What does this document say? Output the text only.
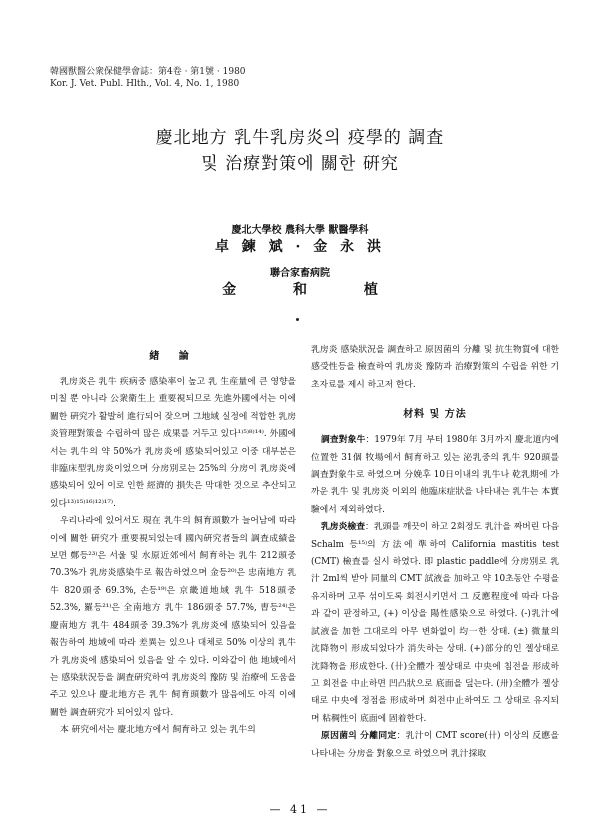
韓國獸醫公衆保健學會誌：第4卷 · 第1號 · 1980
Kor. J. Vet. Publ. Hlth., Vol. 4, No. 1, 1980
慶北地方 乳牛乳房炎의 疫學的 調査
및 治療對策에 關한 硏究
慶北大學校 農科大學 獸醫學科
卓 鍊 斌 · 金 永 洪
聯合家畜病院
金 和 植
緖 論

乳房炎은 乳牛 疾病중 感染率이 높고 乳 生産量에 큰 영향을 미칠 뿐 아니라 公衆衛生上 重要視되므로 先進外國에서는 이에 關한 硏究가 활발히 進行되어 잦으며 그地域 실정에 적합한 乳房炎管理對策을 수립하여 많은 成果를 거두고 있다¹⁾⁵⁾⁸⁾¹⁴⁾. 外國에서는 乳牛의 약 50%가 乳房炎에 感染되어있고 이중 대부분은 非臨床型乳房炎이었으며 分房別로는 25%의 分房이 乳房炎에 感染되어 있어 이로 인한 經濟的 損失은 막대한 것으로 추산되고 있다¹³⁾¹⁵⁾¹⁶⁾¹²⁾¹⁷⁾.

우리나라에 있어서도 現在 乳牛의 飼育頭數가 늘어남에 따라 이에 關한 硏究가 重要視되었는데 國內硏究者들의 調査成績을 보면 鄭등²³⁾은 서울 및 水原近郊에서 飼育하는 乳牛 212頭중 70.3%가 乳房炎感染牛로 報告하였으며 金등²⁰⁾은 忠南地方 乳牛 820頭중 69.3%, 손등¹⁹⁾은 京畿道地域 乳牛 518頭중 52.3%, 羅등²¹⁾은 全南地方 乳牛 186頭중 57.7%, 曺등²⁴⁾은 慶南地方 乳牛 484頭중 39.3%가 乳房炎에 感染되어 있음을 報告하여 地域에 따라 差異는 있으나 대체로 50% 이상의 乳牛가 乳房炎에 感染되어 있음을 알 수 있다. 이와같이 他 地域에서는 感染狀況등을 調査硏究하여 乳房炎의 豫防 및 治療에 도움을 주고 있으나 慶北地方은 乳牛 飼育頭數가 많음에도 아직 이에 關한 調査硏究가 되어있지 않다.

本 硏究에서는 慶北地方에서 飼育하고 있는 乳牛의

乳房炎 感染狀況을 調査하고 原因菌의 分離 및 抗生物質에 대한 感受性등을 檢査하여 乳房炎 豫防과 治療對策의 수립을 위한 기초자료를 제시 하고저 한다.

材料 및 方法

調査對象牛：1979年 7月 부터 1980年 3月까지 慶北道内에 位置한 31個 牧場에서 飼育하고 있는 泌乳중의 乳牛 920頭를 調査對象牛로 하였으며 分娩후 10日이내의 乳牛나 乾乳期에 가까운 乳牛 및 乳房炎 이외의 他臨床症狀을 나타내는 乳牛는 本實驗에서 제외하였다.

乳房炎檢査：乳頭를 깨끗이 하고 2회정도 乳汁을 짜버린 다음 Schalm 등¹⁵⁾의 方法에 準하여 California mastitis test (CMT) 檢査를 실시 하였다. 即 plastic paddle에 分房別로 乳汁 2ml씩 받아 同量의 CMT 試液을 加하고 약 10초동안 수평을 유지하며 고루 섞이도록 회전시키면서 그 反應程度에 따라 다음과 같이 판정하고, (+) 이상을 陽性感染으로 하였다. (-)乳汁에 試液을 加한 그대로의 아무 변화없이 均一한 상태. (±) 微量의 沈降物이 形成되었다가 消失하는 상태. (+)部分的인 젤상태로 沈降物을 形成한다. (卄)全體가 젤상태로 中央에 침전을 形成하고 회전을 中止하면 凹凸狀으로 底面을 덮는다. (卅)全體가 젤상태로 中央에 정점을 形成하며 회전中止하여도 그 상태로 유지되며 粘稠性이 底面에 固着한다.

原因菌의 分離同定：乳汁이 CMT score(卄) 이상의 反應을 나타내는 分房을 對象으로 하였으며 乳汁採取

— 41 —
